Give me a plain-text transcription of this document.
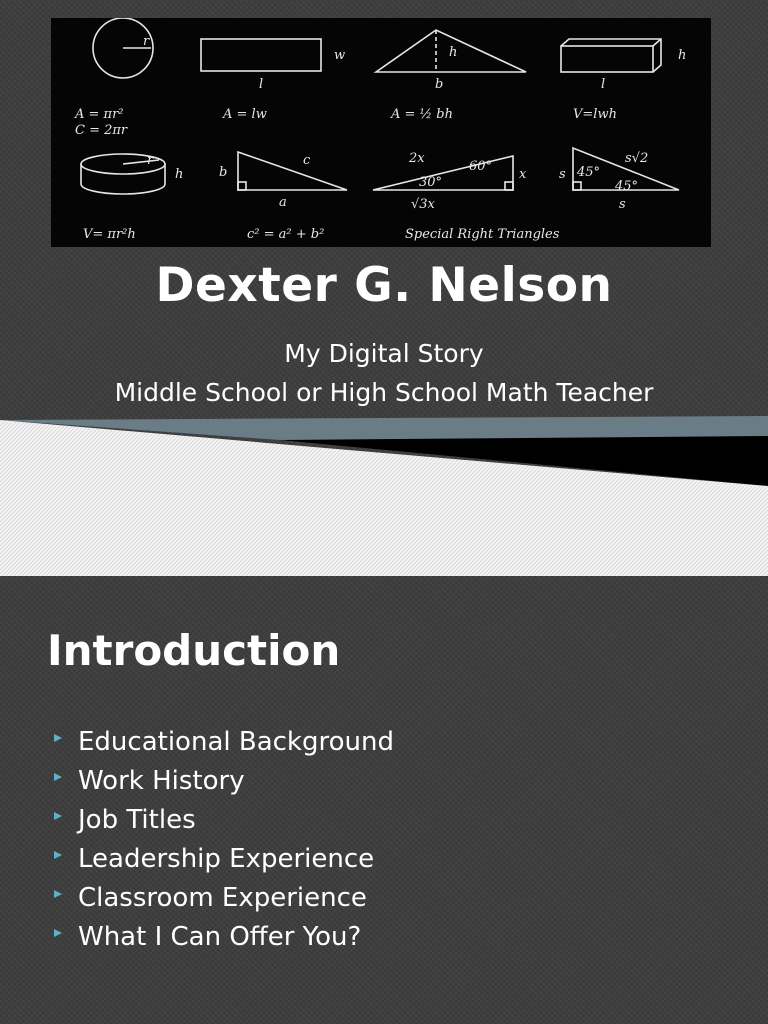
r
w
l
h
b
h
l
A = πr²
C = 2πr
A = lw	A = ½ bh	V=lwh
r
h	b
c
a
2x
60°
30°
x
√3x
s√2
45°
45°
s
s
V= πr²h	c² = a² + b²	Special Right Triangles
Dexter G. Nelson
My Digital Story
Middle School or High School Math Teacher
Introduction
Educational Background
Work History
Job Titles
Leadership Experience
Classroom Experience
What I Can Offer You?
